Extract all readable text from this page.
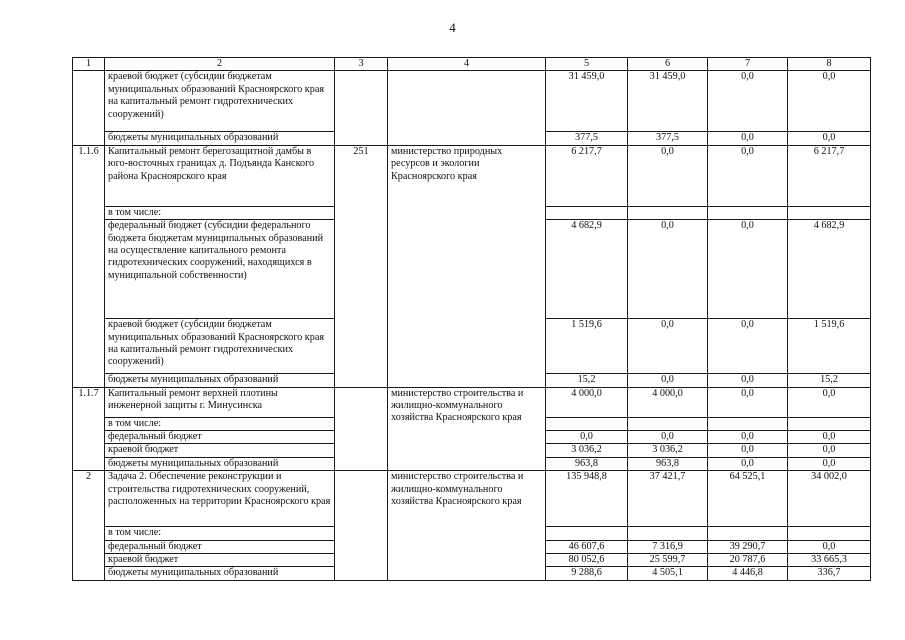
4
1	2	3	4	5	6	7	8
	краевой бюджет (субсидии бюджетам муниципальных образований Красноярского края на капитальный ремонт гидротехнических сооружений)			31 459,0	31 459,0	0,0	0,0
	бюджеты муниципальных образований			377,5	377,5	0,0	0,0
1.1.6	Капитальный ремонт берегозащитной дамбы в юго-восточных границах д. Подъянда Канского района Красноярского края	251	министерство природных ресурсов и экологии Красноярского края	6 217,7	0,0	0,0	6 217,7
	в том числе:						
	федеральный бюджет (субсидии федерального бюджета бюджетам муниципальных образований на осуществление капитального ремонта гидротехнических сооружений, находящихся в муниципальной собственности)			4 682,9	0,0	0,0	4 682,9
	краевой бюджет (субсидии бюджетам муниципальных образований Красноярского края на капитальный ремонт гидротехнических сооружений)			1 519,6	0,0	0,0	1 519,6
	бюджеты муниципальных образований			15,2	0,0	0,0	15,2
1.1.7	Капитальный ремонт верхней плотины инженерной защиты г. Минусинска		министерство строительства и жилищно-коммунального хозяйства Красноярского края	4 000,0	4 000,0	0,0	0,0
	в том числе:						
	федеральный бюджет			0,0	0,0	0,0	0,0
	краевой бюджет			3 036,2	3 036,2	0,0	0,0
	бюджеты муниципальных образований			963,8	963,8	0,0	0,0
2	Задача 2. Обеспечение реконструкции и строительства гидротехнических сооружений, расположенных на территории Красноярского края		министерство строительства и жилищно-коммунального хозяйства Красноярского края	135 948,8	37 421,7	64 525,1	34 002,0
	в том числе:						
	федеральный бюджет			46 607,6	7 316,9	39 290,7	0,0
	краевой бюджет			80 052,6	25 599,7	20 787,6	33 665,3
	бюджеты муниципальных образований			9 288,6	4 505,1	4 446,8	336,7
